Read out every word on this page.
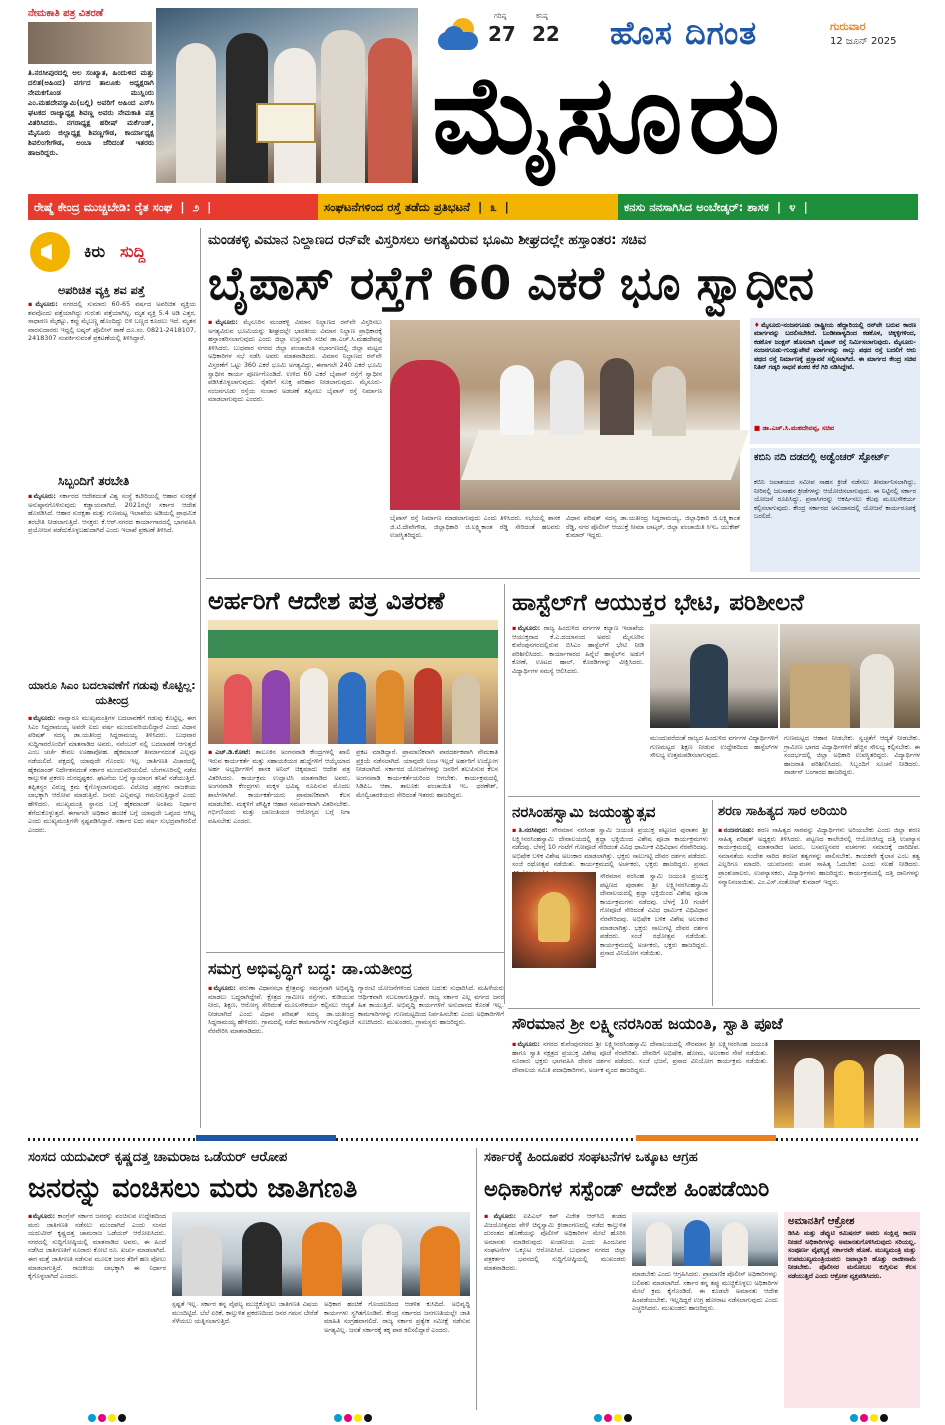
ನೇಮಕಾತಿ ಪತ್ರ ವಿತರಣೆ
ತಿ.ನರಸೀಪುರದಲ್ಲಿ ಅಲ ಸಂಖ್ಯಾತ, ಹಿಂದುಳಿದ ಮತ್ತು ದಲಿತ(ಅಹಿಂದ) ವರ್ಗದ ತಾಲೂಕು ಅಧ್ಯಕ್ಷರಾಗಿ ನೇಮಕಗೊಂಡ ಮುಸ್ಲಿಂರು ಎಂ.ಮಹದೇವಸ್ವಾಮಿ(ಬಲ್ಲಿ) ಅವರಿಗೆ ಅಹಿಂದ ಎಸ್‌ಸಿ ಘಟಕದ ರಾಜ್ಯಾಧ್ಯಕ್ಷ ಶಿವಣ್ಣ ಅವರು ನೇಮಕಾತಿ ಪತ್ರ ವಿತರಿಸಿದರು. ನಗರಾಧ್ಯಕ್ಷ ಹರೀಷ್ ಮರ್ಕೆಂಡ್, ಮೈಸೂರು ಜಿಲ್ಲಾಧ್ಯಕ್ಷ ಶಿವಣ್ಣಗೌಡ, ಕಾರ್ಯಾಧ್ಯಕ್ಷ ಶಿವಲಿಂಗೇಗೌಡ, ಅಂಬಾ ಜೆರಿದಂತೆ ಇತರರು ಹಾಜರಿದ್ದರು.
ಗರಿಷ್ಠ
27
ಕನಿಷ್ಠ
22 ಹೊಸ ದಿಗಂತ	ಗುರುವಾರ
12 ಜೂನ್ 2025
ಮೈಸೂರು
ರೇಷ್ಮೆ ಕೇಂದ್ರ ಮುಚ್ಚಬೇಡಿ: ರೈತ ಸಂಘ | ೨ |	ಸಂಘಟನೆಗಳಿಂದ ರಸ್ತೆ ತಡೆದು ಪ್ರತಿಭಟನೆ | ೩ |	ಕನಸು ನನಸಾಗಿಸಿದ ಅಂಬೇಡ್ಕರ್: ಶಾಸಕ | ೪ |
ಕಿರು ಸುದ್ದಿ
ಅಪರಿಚಿತ ವ್ಯಕ್ತಿ ಶವ ಪತ್ತೆ
▪ಮೈಸೂರು: ನಗರದಲ್ಲಿ ಸುಮಾರು 60-65 ವರ್ಷದ ಅಪರಿಚಿತ ವ್ಯಕ್ತಿಯ ಶವವೊಂದು ಪತ್ತೆಯಾಗಿದ್ದು ಗುರುತು ಪತ್ತೆಯಾಗಿಲ್ಲ. ಮೃತ ವ್ಯಕ್ತಿ 5.4 ಅಡಿ ಎತ್ತರ, ಸಾಧಾರಣ ಮೈಕಟ್ಟು, ಕಪ್ಪು ಮೈಬಣ್ಣ ಹೊಂದಿದ್ದು ಬಿಳಿ ಬಣ್ಣದ ಕೂದಲು ಇದೆ. ಮೃತನ ವಾರಸುದಾರರು ಇದ್ದಲ್ಲಿ ಲಷ್ಕರ್ ಪೊಲೀಸ್ ಠಾಣೆ ದೂ.ಸಂ. 0821-2418107, 2418307 ಸಂಪರ್ಕಿಸುವಂತೆ ಪ್ರಕಟಣೆಯಲ್ಲಿ ತಿಳಿಸಿದ್ದಾರೆ.
ಸಿಬ್ಬಂದಿಗೆ ತರಬೇತಿ
▪ಮೈಸೂರು: ಸರ್ಕಾರದ ಆದೇಶದಂತೆ ವಿಶ್ವ ಸಂಸ್ಥೆ ಕಟೀರಿಯಲ್ಲಿ ಆಹಾರ ಸುರಕ್ಷತೆ ಅನುಷ್ಠಾನಗೊಳಿಸುವುದು ಕಡ್ಡಾಯವಾಗಿದೆ. 2021ರಲ್ಲೇ ಸರ್ಕಾರ ಆದೇಶ ಹೊರಡಿಸಿದೆ. ಆಹಾರ ಸುರಕ್ಷತಾ ಮತ್ತು ಗುಣಮಟ್ಟ ಇಲಾಖೆಯ ಅಡಿಯಲ್ಲಿ ಪ್ರಾಥಮಿಕ ತರಬೇತಿ ನೀಡಲಾಗುತ್ತಿದೆ. ಆಸಕ್ತರು ಕೆ.ಆರ್.ನಗರದ ಕಾರ್ಯಾಗಾರದಲ್ಲಿ ಭಾಗವಹಿಸಿ ಪ್ರಯೋಜನ ಪಡೆದುಕೊಳ್ಳಬಹುದಾಗಿದೆ ಎಂದು ಇಲಾಖೆ ಪ್ರಕಟಣೆ ತಿಳಿಸಿದೆ.
ಯಾರೂ ಸಿಎಂ ಬದಲಾವಣೆಗೆ ಗಡುವು ಕೊಟ್ಟಿಲ್ಲ: ಯತೀಂದ್ರ
▪ಮೈಸೂರು: ನಾವ್ಯಾರೂ ಮುಖ್ಯಮಂತ್ರಿಗಳ ಬದಲಾವಣೆಗೆ ಗಡುವು ಕೊಟ್ಟಿಲ್ಲ, ಈಗ ಸಿಎಂ ಸಿದ್ದರಾಮಯ್ಯ ಅವರೇ ಐದು ವರ್ಷ ಮುಂದುವರಿಯಲಿದ್ದಾರೆ ಎಂದು ವಿಧಾನ ಪರಿಷತ್ ಸದಸ್ಯ ಡಾ.ಯತೀಂದ್ರ ಸಿದ್ದರಾಮಯ್ಯ ತಿಳಿಸಿದರು. ಬುಧವಾರ ಸುದ್ದಿಗಾರರೊಂದಿಗೆ ಮಾತನಾಡಿದ ಅವರು, ನವೆಂಬರ್ ನಲ್ಲಿ ಬದಲಾವಣೆ ಆಗುತ್ತದೆ ಎಂಬ ಚರ್ಚೆ ಕೇವಲ ಊಹಾಪೋಹ. ಹೈಕಮಾಂಡ್ ತೀರ್ಮಾನದಂತೆ ಎಲ್ಲವೂ ನಡೆಯಲಿದೆ. ಪಕ್ಷದಲ್ಲಿ ಯಾವುದೇ ಗೊಂದಲ ಇಲ್ಲ. ಜಾತಿಗಣತಿ ವಿಚಾರದಲ್ಲಿ ಹೈಕಮಾಂಡ್ ನಿರ್ದೇಶನದಂತೆ ಸರ್ಕಾರ ಮುಂದುವರಿಯಲಿದೆ. ಬೆಂಗಳೂರಿನಲ್ಲಿ ನಡೆದ ಕಾಲ್ತುಳಿತ ಪ್ರಕರಣ ದುರದೃಷ್ಟಕರ. ಘಟನೆಯ ಬಗ್ಗೆ ನ್ಯಾಯಾಂಗ ತನಿಖೆ ನಡೆಯುತ್ತಿದೆ. ತಪ್ಪಿತಸ್ಥರ ವಿರುದ್ಧ ಕ್ರಮ ಕೈಗೊಳ್ಳಲಾಗುವುದು. ವಿರೋಧ ಪಕ್ಷಗಳು ರಾಜಕೀಯ ಲಾಭಕ್ಕಾಗಿ ಆರೋಪ ಮಾಡುತ್ತಿವೆ. ಜನರು ಎಲ್ಲವನ್ನೂ ಗಮನಿಸುತ್ತಿದ್ದಾರೆ ಎಂದು ಹೇಳಿದರು. ಮುಖ್ಯಮಂತ್ರಿ ಸ್ಥಾನದ ಬಗ್ಗೆ ಹೈಕಮಾಂಡ್ ಅಂತಿಮ ನಿರ್ಧಾರ ತೆಗೆದುಕೊಳ್ಳುತ್ತದೆ. ಈಗಾಗಲೇ ಅಧಿಕಾರ ಹಂಚಿಕೆ ಬಗ್ಗೆ ಯಾವುದೇ ಒಪ್ಪಂದ ಆಗಿಲ್ಲ ಎಂದು ಮುಖ್ಯಮಂತ್ರಿಗಳೇ ಸ್ಪಷ್ಟಪಡಿಸಿದ್ದಾರೆ. ಸರ್ಕಾರ ಐದು ವರ್ಷ ಸುಭದ್ರವಾಗಿರಲಿದೆ ಎಂದರು.
ಮಂಡಕಳ್ಳಿ ವಿಮಾನ ನಿಲ್ದಾಣದ ರನ್‌ವೇ ವಿಸ್ತರಿಸಲು ಅಗತ್ಯವಿರುವ ಭೂಮಿ ಶೀಘ್ರದಲ್ಲೇ ಹಸ್ತಾಂತರ: ಸಚಿವ
ಬೈಪಾಸ್ ರಸ್ತೆಗೆ 60 ಎಕರೆ ಭೂ ಸ್ವಾಧೀನ
▪ಮೈಸೂರು: ಮೈಸೂರಿನ ಮಂಡಕಳ್ಳಿ ವಿಮಾನ ನಿಲ್ದಾಣದ ರನ್‌ವೇ ವಿಸ್ತರಿಸಲು ಅಗತ್ಯವಿರುವ ಭೂಮಿಯನ್ನು ಶೀಘ್ರದಲ್ಲೇ ಭಾರತೀಯ ವಿಮಾನ ನಿಲ್ದಾಣ ಪ್ರಾಧಿಕಾರಕ್ಕೆ ಹಸ್ತಾಂತರಿಸಲಾಗುವುದು ಎಂದು ಜಿಲ್ಲಾ ಉಸ್ತುವಾರಿ ಸಚಿವ ಡಾ.ಎಚ್.ಸಿ.ಮಹದೇವಪ್ಪ ತಿಳಿಸಿದರು. ಬುಧವಾರ ನಗರದ ಜಿಲ್ಲಾ ಪಂಚಾಯಿತಿ ಸಭಾಂಗಣದಲ್ಲಿ ಜಿಲ್ಲಾ ಮಟ್ಟದ ಅಧಿಕಾರಿಗಳ ಸಭೆ ನಡೆಸಿ ಅವರು ಮಾತನಾಡಿದರು. ವಿಮಾನ ನಿಲ್ದಾಣದ ರನ್‌ವೇ ವಿಸ್ತರಣೆಗೆ ಒಟ್ಟು 360 ಎಕರೆ ಭೂಮಿ ಅಗತ್ಯವಿದ್ದು, ಈಗಾಗಲೇ 240 ಎಕರೆ ಭೂಮಿ ಸ್ವಾಧೀನ ಕಾರ್ಯ ಪೂರ್ಣಗೊಂಡಿದೆ. ಉಳಿದ 60 ಎಕರೆ ಬೈಪಾಸ್ ರಸ್ತೆಗೆ ಸ್ವಾಧೀನ ಪಡಿಸಿಕೊಳ್ಳಲಾಗುವುದು. ರೈತರಿಗೆ ಸೂಕ್ತ ಪರಿಹಾರ ನೀಡಲಾಗುವುದು. ಮೈಸೂರು-ನಂಜನಗೂಡು ರಸ್ತೆಯ ಸಂಚಾರ ಅಡಚಣೆ ತಪ್ಪಿಸಲು ಬೈಪಾಸ್ ರಸ್ತೆ ನಿರ್ಮಾಣ ಮಾಡಲಾಗುವುದು ಎಂದರು.
ಬೈಪಾಸ್ ರಸ್ತೆ ನಿರ್ಮಾಣ ಮಾಡಲಾಗುವುದು ಎಂದು ತಿಳಿಸಿದರು. ಸಭೆಯಲ್ಲಿ ಶಾಸಕ ಜಿ.ಟಿ.ದೇವೇಗೌಡ, ಜಿಲ್ಲಾಧಿಕಾರಿ ಜಿ.ಲಕ್ಷ್ಮಿಕಾಂತ ರೆಡ್ಡಿ ಸೇರಿದಂತೆ ಹಲವರು ಉಪಸ್ಥಿತರಿದ್ದರು.
ವಿಧಾನ ಪರಿಷತ್ ಸದಸ್ಯ ಡಾ.ಯತೀಂದ್ರ ಸಿದ್ದರಾಮಯ್ಯ, ಜಿಲ್ಲಾಧಿಕಾರಿ ಜಿ.ಲಕ್ಷ್ಮಿಕಾಂತ ರೆಡ್ಡಿ, ನಗರ ಪೊಲೀಸ್ ಆಯುಕ್ತೆ ಸೀಮಾ ಲಾಟ್ಕರ್, ಜಿಲ್ಲಾ ಪಂಚಾಯಿತಿ ಸಿಇಒ ಯುಕೇಶ್ ಕುಮಾರ್ ಇದ್ದರು.
♦ಮೈಸೂರು-ನಂಜನಗೂಡು ರಾಷ್ಟ್ರೀಯ ಹೆದ್ದಾರಿಯಲ್ಲಿ ರನ್‌ವೇ ಬರುವ ಕಾರಣ ಮಾರ್ಗವನ್ನು ಬದಲಿಸಬೇಕಿದೆ. ಬಂಡೀಪಾಳ್ಯದಿಂದ ಕಡಕೊಳ, ಚಿಕ್ಕಳ್ಳಿಗಳಿಂದ, ಕಡಕೊಳ ಜಂಕ್ಷನ್ ಹೊಸದಾಗಿ ಬೈಪಾಸ್ ರಸ್ತೆ ನಿರ್ಮಿಸಲಾಗುವುದು. ಮೈಸೂರು-ನಂಜನಗೂಡು-ಗುಂಡ್ಲುಪೇಟೆ ಮಾರ್ಗವನ್ನು ನಾಲ್ಕು ಪಥದ ರಸ್ತೆ ಬದಲಿಗೆ ಆರು ಪಥದ ರಸ್ತೆ ನಿರ್ಮಾಣಕ್ಕೆ ಪ್ರಸ್ತಾವನೆ ಸಲ್ಲಿಸಲಾಗಿದೆ. ಈ ಮಾರ್ಗದ ಕೇಂದ್ರ ಸಚಿವ ನಿತಿನ್ ಗಡ್ಕರಿ ಸಾಧನೆ ಶಂಕರ ಕೆರೆ ಗಿರಿ ನಡಿಸಿದ್ದೇವೆ.
■ ಡಾ.ಎಚ್.ಸಿ.ಮಹದೇವಪ್ಪ, ಸಚಿವ
ಕಬಿನಿ ನದಿ ದಡದಲ್ಲಿ ಅಡ್ವೆಂಚರ್ ಸ್ಪೋರ್ಟ್
ಕಬಿನಿ ಜಲಾಶಯದ ಸಮೀಪ ಸಾಹಸ ಕ್ರೀಡೆ ನಡೆಸಲು ತೀರ್ಮಾನಿಸಲಾಗಿದ್ದು, ನೀರಿನಲ್ಲಿ ಜಲಸಾಹಸ ಕ್ರೀಡೆಗಳನ್ನು ಆಯೋಜಿಸಲಾಗುವುದು. ಈ ನಿಟ್ಟಿನಲ್ಲಿ ಸರ್ಕಾರ ಯೋಜನೆ ರೂಪಿಸಿದ್ದು, ಪ್ರವಾಸಿಗರನ್ನು ಆಕರ್ಷಿಸಲು ಕೆಲವು ಮೂಲಸೌಕರ್ಯ ಕಲ್ಪಿಸಲಾಗುವುದು. ಕೇಂದ್ರ ಸರ್ಕಾರದ ಅನುದಾನದಲ್ಲಿ ಯೋಜನೆ ಕಾರ್ಯರೂಪಕ್ಕೆ ಬರಲಿದೆ.
ಅರ್ಹರಿಗೆ ಆದೇಶ ಪತ್ರ ವಿತರಣೆ
▪ಎಚ್.ಡಿ.ಕೋಟೆ: ತಾಲೂಕಿನ ಅಂಗನವಾಡಿ ಕೇಂದ್ರಗಳಲ್ಲಿ ಖಾಲಿ ಇರುವ ಕಾರ್ಯಕರ್ತೆ ಮತ್ತು ಸಹಾಯಕಿಯರ ಹುದ್ದೆಗಳಿಗೆ ಆಯ್ಕೆಯಾದ ಅರ್ಹ ಅಭ್ಯರ್ಥಿಗಳಿಗೆ ಶಾಸಕ ಅನಿಲ್ ಚಿಕ್ಕಮಾದು ಆದೇಶ ಪತ್ರ ವಿತರಿಸಿದರು. ಕಾರ್ಯಕ್ರಮ ಉದ್ಘಾಟಿಸಿ ಮಾತನಾಡಿದ ಅವರು, ಅಂಗನವಾಡಿ ಕೇಂದ್ರಗಳು ಮಕ್ಕಳ ಭವಿಷ್ಯ ರೂಪಿಸುವ ಮೊದಲ ಶಾಲೆಗಳಾಗಿವೆ. ಕಾರ್ಯಕರ್ತೆಯರು ಪ್ರಾಮಾಣಿಕವಾಗಿ ಕೆಲಸ ಮಾಡಬೇಕು. ಮಕ್ಕಳಿಗೆ ಪೌಷ್ಟಿಕ ಆಹಾರ ಸಮರ್ಪಕವಾಗಿ ವಿತರಿಸಬೇಕು. ಗರ್ಭಿಣಿಯರು ಮತ್ತು ಬಾಣಂತಿಯರ ಆರೋಗ್ಯದ ಬಗ್ಗೆ ನಿಗಾ ವಹಿಸಬೇಕು ಎಂದರು.
ಪ್ರಕಟ ಮಾಡಿದ್ದಾರೆ. ಪ್ರಾಮಾಣಿಕವಾಗಿ ಪಾರದರ್ಶಕವಾಗಿ ನೇಮಕಾತಿ ಪ್ರಕ್ರಿಯೆ ನಡೆಸಲಾಗಿದೆ. ಯಾವುದೇ ಲಂಚ ಇಲ್ಲದೆ ಅರ್ಹರಿಗೆ ಉದ್ಯೋಗ ನೀಡಲಾಗಿದೆ. ಸರ್ಕಾರದ ಯೋಜನೆಗಳನ್ನು ಜನರಿಗೆ ತಲುಪಿಸುವ ಕೆಲಸ ಅಂಗನವಾಡಿ ಕಾರ್ಯಕರ್ತೆಯರಿಂದ ಆಗಬೇಕು. ಕಾರ್ಯಕ್ರಮದಲ್ಲಿ ಸಿಡಿಪಿಒ ಆಶಾ, ತಾಲೂಕು ಪಂಚಾಯಿತಿ ಇಒ ಧರಣೇಶ್, ಮೇಲ್ವಿಚಾರಕಿಯರು ಸೇರಿದಂತೆ ಇತರರು ಹಾಜರಿದ್ದರು.
ಹಾಸ್ಟೆಲ್‌ಗೆ ಆಯುಕ್ತರ ಭೇಟಿ, ಪರಿಶೀಲನೆ
▪ಮೈಸೂರು: ರಾಜ್ಯ ಹಿಂದುಳಿದ ವರ್ಗಗಳ ಕಲ್ಯಾಣ ಇಲಾಖೆಯ ಆಯುಕ್ತರಾದ ಕೆ.ಎ.ದಯಾನಂದ ಅವರು ಮೈಸೂರಿನ ಕುವೆಂಪುನಗರದಲ್ಲಿರುವ ಬಿಸಿಎಂ ಹಾಸ್ಟೆಲ್‌ಗೆ ಭೇಟಿ ನೀಡಿ ಪರಿಶೀಲಿಸಿದರು. ಕಾರ್ಯಾಗಾರದ ಹಿನ್ನೆಲೆ ಹಾಸ್ಟೆಲ್‌ನ ಅಡುಗೆ ಕೋಣೆ, ಊಟದ ಹಾಲ್, ಕೊಠಡಿಗಳನ್ನು ವೀಕ್ಷಿಸಿದರು. ವಿದ್ಯಾರ್ಥಿಗಳ ಸಮಸ್ಯೆ ಆಲಿಸಿದರು.
ಮುಂದುವರೆದಂತೆ ರಾಜ್ಯದ ಹಿಂದುಳಿದ ವರ್ಗಗಳ ವಿದ್ಯಾರ್ಥಿಗಳಿಗೆ ಗುಣಮಟ್ಟದ ಶಿಕ್ಷಣ ನೀಡುವ ಉದ್ದೇಶದಿಂದ ಹಾಸ್ಟೆಲ್‌ಗಳ ಸೌಲಭ್ಯ ಉತ್ತಮಪಡಿಸಲಾಗುವುದು.
ಗುಣಮಟ್ಟದ ಆಹಾರ ನೀಡಬೇಕು. ಸ್ವಚ್ಛತೆಗೆ ಆದ್ಯತೆ ನೀಡಬೇಕು. ಗ್ರಾಮೀಣ ಭಾಗದ ವಿದ್ಯಾರ್ಥಿಗಳಿಗೆ ಹೆಚ್ಚಿನ ಸೌಲಭ್ಯ ಕಲ್ಪಿಸಬೇಕು. ಈ ಸಂದರ್ಭದಲ್ಲಿ ಜಿಲ್ಲಾ ಅಧಿಕಾರಿ ಉಪಸ್ಥಿತರಿದ್ದರು. ವಿದ್ಯಾರ್ಥಿಗಳ ಹಾಜರಾತಿ ಪರಿಶೀಲಿಸಿದರು. ಸಿಬ್ಬಂದಿಗೆ ಸೂಚನೆ ನೀಡಿದರು. ವಾರ್ಡನ್ ಬಂಗಾರದ ಹಾಜರಿದ್ದರು.
ನರಸಿಂಹಸ್ವಾಮಿ ಜಯಂತ್ಯುತ್ಸವ
▪ತಿ.ನರಸೀಪುರ: ಸೌರಮಾನ ನರಸಿಂಹ ಸ್ವಾಮಿ ಜಯಂತಿ ಪ್ರಯುಕ್ತ ಪಟ್ಟಣದ ಪುರಾತನ ಶ್ರೀ ಲಕ್ಷ್ಮೀನರಸಿಂಹಸ್ವಾಮಿ ದೇವಾಲಯದಲ್ಲಿ ಶ್ರದ್ಧಾ ಭಕ್ತಿಯಿಂದ ವಿಶೇಷ ಪೂಜಾ ಕಾರ್ಯಕ್ರಮಗಳು ನಡೆದವು. ಬೆಳಗ್ಗೆ 10 ಗಂಟೆಗೆ ಗೋಪೂಜೆ ಸೇರಿದಂತೆ ವಿವಿಧ ಧಾರ್ಮಿಕ ವಿಧಿವಿಧಾನ ನೆರವೇರಿದವು. ಅಭಿಷೇಕ ಬಳಿಕ ವಿಶೇಷ ಅಲಂಕಾರ ಮಾಡಲಾಗಿತ್ತು. ಭಕ್ತರು ಸಾಲುಗಟ್ಟಿ ದೇವರ ದರ್ಶನ ಪಡೆದರು. ಸಂಜೆ ರಥೋತ್ಸವ ನಡೆಯಿತು. ಕಾರ್ಯಕ್ರಮದಲ್ಲಿ ಅರ್ಚಕರು, ಭಕ್ತರು ಹಾಜರಿದ್ದರು. ಪ್ರಸಾದ
ಸೌರಮಾನ ನರಸಿಂಹ ಸ್ವಾಮಿ ಜಯಂತಿ ಪ್ರಯುಕ್ತ ಪಟ್ಟಣದ ಪುರಾತನ ಶ್ರೀ ಲಕ್ಷ್ಮೀನರಸಿಂಹಸ್ವಾಮಿ ದೇವಾಲಯದಲ್ಲಿ ಶ್ರದ್ಧಾ ಭಕ್ತಿಯಿಂದ ವಿಶೇಷ ಪೂಜಾ ಕಾರ್ಯಕ್ರಮಗಳು ನಡೆದವು. ಬೆಳಗ್ಗೆ 10 ಗಂಟೆಗೆ ಗೋಪೂಜೆ ಸೇರಿದಂತೆ ವಿವಿಧ ಧಾರ್ಮಿಕ ವಿಧಿವಿಧಾನ ನೆರವೇರಿದವು. ಅಭಿಷೇಕ ಬಳಿಕ ವಿಶೇಷ ಅಲಂಕಾರ ಮಾಡಲಾಗಿತ್ತು. ಭಕ್ತರು ಸಾಲುಗಟ್ಟಿ ದೇವರ ದರ್ಶನ ಪಡೆದರು. ಸಂಜೆ ರಥೋತ್ಸವ ನಡೆಯಿತು. ಕಾರ್ಯಕ್ರಮದಲ್ಲಿ ಅರ್ಚಕರು, ಭಕ್ತರು ಹಾಜರಿದ್ದರು. ಪ್ರಸಾದ ವಿನಿಯೋಗ ನಡೆಯಿತು.
ಶರಣ ಸಾಹಿತ್ಯದ ಸಾರ ಅರಿಯಿರಿ
▪ನಂಜನಗೂಡು: ಶರಣ ಸಾಹಿತ್ಯದ ಸಾರವನ್ನು ವಿದ್ಯಾರ್ಥಿಗಳು ಅರಿಯಬೇಕು ಎಂದು ಜಿಲ್ಲಾ ಶರಣ ಸಾಹಿತ್ಯ ಪರಿಷತ್ ಅಧ್ಯಕ್ಷರು ತಿಳಿಸಿದರು. ಪಟ್ಟಣದ ಕಾಲೇಜಿನಲ್ಲಿ ಆಯೋಜಿಸಿದ್ದ ದತ್ತಿ ಉಪನ್ಯಾಸ ಕಾರ್ಯಕ್ರಮದಲ್ಲಿ ಮಾತನಾಡಿದ ಅವರು, ಬಸವಣ್ಣನವರ ವಚನಗಳು ಸಮಾಜಕ್ಕೆ ದಾರಿದೀಪ. ಸಮಾನತೆಯ ಸಂದೇಶ ಸಾರಿದ ಶರಣರ ತತ್ವಗಳನ್ನು ಪಾಲಿಸಬೇಕು. ಕಾಯಕವೇ ಕೈಲಾಸ ಎಂಬ ತತ್ವ ಎಲ್ಲರಿಗೂ ಮಾದರಿ. ಯುವಜನರು ವಚನ ಸಾಹಿತ್ಯ ಓದಬೇಕು ಎಂದು ಸಲಹೆ ನೀಡಿದರು. ಪ್ರಾಂಶುಪಾಲರು, ಉಪನ್ಯಾಸಕರು, ವಿದ್ಯಾರ್ಥಿಗಳು ಹಾಜರಿದ್ದರು. ಕಾರ್ಯಕ್ರಮದಲ್ಲಿ ದತ್ತಿ ದಾನಿಗಳನ್ನು ಸನ್ಮಾನಿಸಲಾಯಿತು. ಎಂ.ಎಸ್.ಸಂತೋಷ್ ಕುಮಾರ್ ಇದ್ದರು.
ಸಮಗ್ರ ಅಭಿವೃದ್ಧಿಗೆ ಬದ್ಧ: ಡಾ.ಯತೀಂದ್ರ
▪ಮೈಸೂರು: ವರುಣಾ ವಿಧಾನಸಭಾ ಕ್ಷೇತ್ರವನ್ನು ಸಮಗ್ರವಾಗಿ ಅಭಿವೃದ್ಧಿ ಮಾಡಲು ಬದ್ಧರಾಗಿದ್ದೇವೆ. ಕ್ಷೇತ್ರದ ಗ್ರಾಮೀಣ ರಸ್ತೆಗಳು, ಕುಡಿಯುವ ನೀರು, ಶಿಕ್ಷಣ, ಆರೋಗ್ಯ ಸೇರಿದಂತೆ ಮೂಲಸೌಕರ್ಯ ಕಲ್ಪಿಸಲು ಆದ್ಯತೆ ನೀಡಲಾಗಿದೆ ಎಂದು ವಿಧಾನ ಪರಿಷತ್ ಸದಸ್ಯ ಡಾ.ಯತೀಂದ್ರ ಸಿದ್ದರಾಮಯ್ಯ ಹೇಳಿದರು. ಗ್ರಾಮದಲ್ಲಿ ನಡೆದ ಕಾಮಗಾರಿಗಳ ಗುದ್ದಲಿಪೂಜೆ ನೆರವೇರಿಸಿ ಮಾತನಾಡಿದರು.
ಗ್ಯಾರಂಟಿ ಯೋಜನೆಗಳಿಂದ ಬಡವರ ಬದುಕು ಸುಧಾರಿಸಿದೆ. ಮಹಿಳೆಯರು ಆರ್ಥಿಕವಾಗಿ ಸಬಲರಾಗುತ್ತಿದ್ದಾರೆ. ರಾಜ್ಯ ಸರ್ಕಾರ ಎಲ್ಲ ವರ್ಗದ ಜನರ ಹಿತ ಕಾಯುತ್ತಿದೆ. ಅಭಿವೃದ್ಧಿ ಕಾರ್ಯಗಳಿಗೆ ಅನುದಾನದ ಕೊರತೆ ಇಲ್ಲ. ಕಾಮಗಾರಿಗಳನ್ನು ಗುಣಮಟ್ಟದಿಂದ ನಿರ್ವಹಿಸಬೇಕು ಎಂದು ಅಧಿಕಾರಿಗಳಿಗೆ ಸೂಚಿಸಿದರು. ಮುಖಂಡರು, ಗ್ರಾಮಸ್ಥರು ಹಾಜರಿದ್ದರು.	ಸೌರಮಾನ ಶ್ರೀ ಲಕ್ಷ್ಮೀನರಸಿಂಹ ಜಯಂತಿ, ಸ್ವಾತಿ ಪೂಜೆ
▪ಮೈಸೂರು: ನಗರದ ಕುವೆಂಪುನಗರದ ಶ್ರೀ ಲಕ್ಷ್ಮೀನರಸಿಂಹಸ್ವಾಮಿ ದೇವಾಲಯದಲ್ಲಿ ಸೌರಮಾನ ಶ್ರೀ ಲಕ್ಷ್ಮೀನರಸಿಂಹ ಜಯಂತಿ ಹಾಗೂ ಸ್ವಾತಿ ನಕ್ಷತ್ರದ ಪ್ರಯುಕ್ತ ವಿಶೇಷ ಪೂಜೆ ನೆರವೇರಿತು. ದೇವರಿಗೆ ಅಭಿಷೇಕ, ಹೋಮ, ಅಲಂಕಾರ ಸೇವೆ ನಡೆಯಿತು. ನೂರಾರು ಭಕ್ತರು ಭಾಗವಹಿಸಿ ದೇವರ ದರ್ಶನ ಪಡೆದರು. ಸಂಜೆ ಭಜನೆ, ಪ್ರಸಾದ ವಿನಿಯೋಗ ಕಾರ್ಯಕ್ರಮ ನಡೆಯಿತು. ದೇವಾಲಯ ಸಮಿತಿ ಪದಾಧಿಕಾರಿಗಳು, ಅರ್ಚಕ ವೃಂದ ಹಾಜರಿದ್ದರು.
ಸಂಸದ ಯದುವೀರ್ ಕೃಷ್ಣದತ್ತ ಚಾಮರಾಜ ಒಡೆಯರ್ ಆರೋಪ
ಜನರನ್ನು ವಂಚಿಸಲು ಮರು ಜಾತಿಗಣತಿ
▪ಮೈಸೂರು: ಕಾಂಗ್ರೆಸ್ ಸರ್ಕಾರ ಜನರನ್ನು ವಂಚಿಸುವ ಉದ್ದೇಶದಿಂದ ಮರು ಜಾತಿಗಣತಿ ನಡೆಸಲು ಮುಂದಾಗಿದೆ ಎಂದು ಸಂಸದ ಯದುವೀರ್ ಕೃಷ್ಣದತ್ತ ಚಾಮರಾಜ ಒಡೆಯರ್ ಆರೋಪಿಸಿದರು. ನಗರದಲ್ಲಿ ಸುದ್ದಿಗೋಷ್ಠಿಯಲ್ಲಿ ಮಾತನಾಡಿದ ಅವರು, ಈ ಹಿಂದೆ ನಡೆಸಿದ ಜಾತಿಗಣತಿಗೆ ನೂರಾರು ಕೋಟಿ ರೂ. ಖರ್ಚು ಮಾಡಲಾಗಿದೆ. ಈಗ ಮತ್ತೆ ಜಾತಿಗಣತಿ ನಡೆಸುವ ಮೂಲಕ ಜನರ ತೆರಿಗೆ ಹಣ ಪೋಲು ಮಾಡಲಾಗುತ್ತಿದೆ. ರಾಜಕೀಯ ಲಾಭಕ್ಕಾಗಿ ಈ ನಿರ್ಧಾರ ಕೈಗೊಳ್ಳಲಾಗಿದೆ ಎಂದರು.
ಸ್ಪಷ್ಟತೆ ಇಲ್ಲ. ಸರ್ಕಾರ ತನ್ನ ವೈಫಲ್ಯ ಮುಚ್ಚಿಕೊಳ್ಳಲು ಜಾತಿಗಣತಿ ವಿಷಯ ಮುಂದಿಟ್ಟಿದೆ. ಬೆಲೆ ಏರಿಕೆ, ಕಾಲ್ತುಳಿತ ಪ್ರಕರಣದಿಂದ ಜನರ ಗಮನ ಬೇರೆಡೆ ಸೆಳೆಯಲು ಯತ್ನಿಸಲಾಗುತ್ತಿದೆ.
ಅಧಿಕಾರ ಹಂಚಿಕೆ ಗೊಂದಲದಿಂದ ಆಡಳಿತ ಕುಸಿದಿದೆ. ಅಭಿವೃದ್ಧಿ ಕಾರ್ಯಗಳು ಸ್ಥಗಿತಗೊಂಡಿವೆ. ಕೇಂದ್ರ ಸರ್ಕಾರದ ಜನಗಣತಿಯಲ್ಲೇ ಜಾತಿ ಮಾಹಿತಿ ಸಂಗ್ರಹವಾಗಲಿದೆ. ರಾಜ್ಯ ಸರ್ಕಾರ ಪ್ರತ್ಯೇಕ ಸಮೀಕ್ಷೆ ನಡೆಸುವ ಅಗತ್ಯವಿಲ್ಲ. ಜನತೆ ಸರ್ಕಾರಕ್ಕೆ ತಕ್ಕ ಪಾಠ ಕಲಿಸಲಿದ್ದಾರೆ ಎಂದರು.
ಸರ್ಕಾರಕ್ಕೆ ಹಿಂದೂಪರ ಸಂಘಟನೆಗಳ ಒಕ್ಕೂಟ ಆಗ್ರಹ
ಅಧಿಕಾರಿಗಳ ಸಸ್ಪೆಂಡ್ ಆದೇಶ ಹಿಂಪಡೆಯಿರಿ
▪ಮೈಸೂರು: ಐಪಿಎಲ್ ಕಪ್ ವಿಜೇತ ಆರ್‌ಸಿಬಿ ತಂಡದ ವಿಜಯೋತ್ಸವದ ವೇಳೆ ಚಿನ್ನಸ್ವಾಮಿ ಕ್ರೀಡಾಂಗಣದಲ್ಲಿ ನಡೆದ ಕಾಲ್ತುಳಿತ ದುರಂತದ ಹೊಣೆಯನ್ನು ಪೊಲೀಸ್ ಅಧಿಕಾರಿಗಳ ಮೇಲೆ ಹೊರಿಸಿ ಅಮಾನತು ಮಾಡಿರುವುದು ಖಂಡನೀಯ ಎಂದು ಹಿಂದೂಪರ ಸಂಘಟನೆಗಳ ಒಕ್ಕೂಟ ಆರೋಪಿಸಿದೆ. ಬುಧವಾರ ನಗರದ ಜಿಲ್ಲಾ ಪತ್ರಕರ್ತರ ಭವನದಲ್ಲಿ ಸುದ್ದಿಗೋಷ್ಠಿಯಲ್ಲಿ ಮುಖಂಡರು ಮಾತನಾಡಿದರು.
ಮಾಡಬೇಕು ಎಂದು ಆಗ್ರಹಿಸಿದರು. ಪ್ರಾಮಾಣಿಕ ಪೊಲೀಸ್ ಅಧಿಕಾರಿಗಳನ್ನು ಬಲಿಪಶು ಮಾಡಲಾಗಿದೆ. ಸರ್ಕಾರ ತನ್ನ ತಪ್ಪು ಮುಚ್ಚಿಕೊಳ್ಳಲು ಅಧಿಕಾರಿಗಳ ಮೇಲೆ ಕ್ರಮ ಕೈಗೊಂಡಿದೆ. ಈ ಕೂಡಲೇ ಅಮಾನತು ಆದೇಶ ಹಿಂಪಡೆಯಬೇಕು. ಇಲ್ಲದಿದ್ದರೆ ಉಗ್ರ ಹೋರಾಟ ನಡೆಸಲಾಗುವುದು ಎಂದು ಎಚ್ಚರಿಸಿದರು. ಮುಖಂಡರು ಹಾಜರಿದ್ದರು.
ಅಮಾನತಿಗೆ ಆಕ್ರೋಶ
ಡಿಸಿಪಿ ಮತ್ತು ಡೆಪ್ಯುಟಿ ಕಮಿಷನರ್ ಅವರು ಸಂಕ್ಷಿಪ್ತ ಕಾರಣ ನೀಡದೆ ಅಧಿಕಾರಿಗಳನ್ನು ಅಮಾನತುಗೊಳಿಸಿರುವುದು ಸರಿಯಲ್ಲ. ಸಂಪೂರ್ಣ ವೈಫಲ್ಯಕ್ಕೆ ಸರ್ಕಾರವೇ ಹೊಣೆ. ಮುಖ್ಯಮಂತ್ರಿ ಮತ್ತು ಉಪಮುಖ್ಯಮಂತ್ರಿಯವರು ಜವಾಬ್ದಾರಿ ಹೊತ್ತು ರಾಜೀನಾಮೆ ನೀಡಬೇಕು. ಪೊಲೀಸರ ಮನೋಬಲ ಕುಗ್ಗಿಸುವ ಕೆಲಸ ನಡೆಯುತ್ತಿದೆ ಎಂದು ಆಕ್ರೋಶ ವ್ಯಕ್ತಪಡಿಸಿದರು.
